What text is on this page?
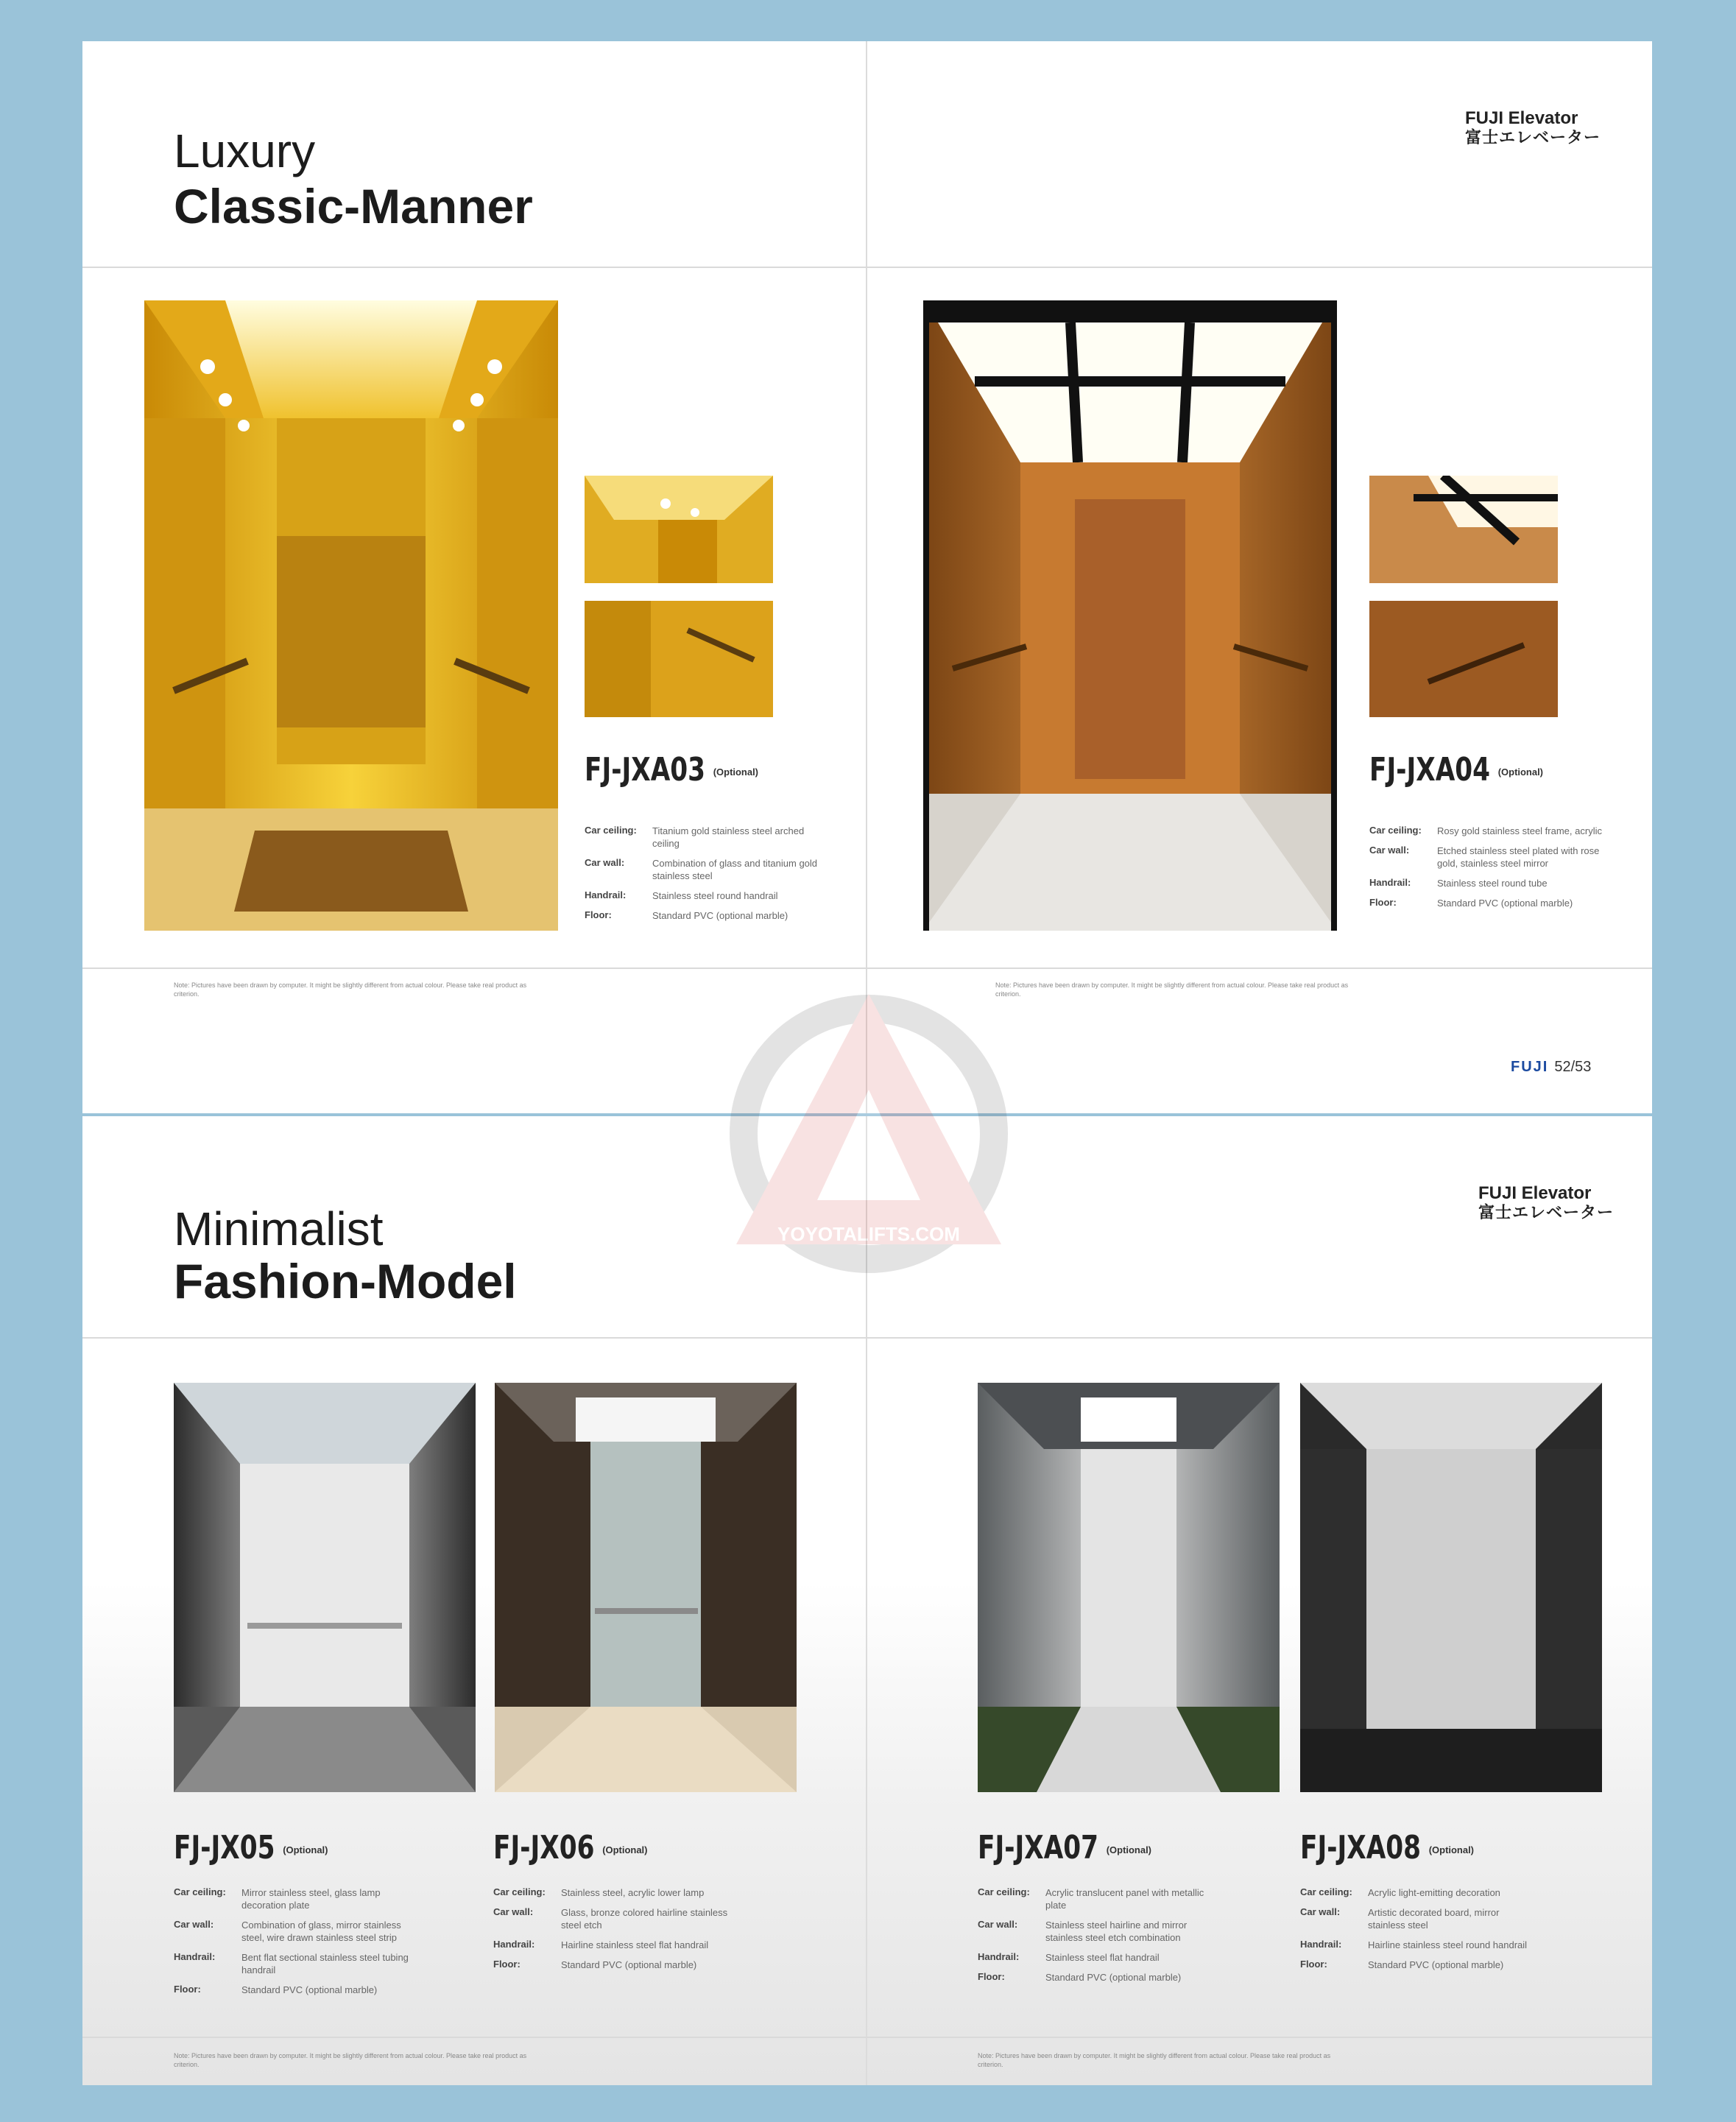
Luxury
Classic-Manner
FUJI Elevator
富士エレベーター
FJ-JXA03 (Optional)
Car ceiling:	Titanium gold stainless steel arched ceiling
Car wall:	Combination of glass and titanium gold stainless steel
Handrail:	Stainless steel round handrail
Floor:	Standard PVC (optional marble)
FJ-JXA04 (Optional)
Car ceiling:	Rosy gold stainless steel frame, acrylic
Car wall:	Etched stainless steel plated with rose gold, stainless steel mirror
Handrail:	Stainless steel round tube
Floor:	Standard PVC (optional marble)
Note: Pictures have been drawn by computer. It might be slightly different from actual colour. Please take real product as criterion.
Note: Pictures have been drawn by computer. It might be slightly different from actual colour. Please take real product as criterion.
FUJI 52/53
Minimalist
Fashion-Model
FUJI Elevator
富士エレベーター
FJ-JX05 (Optional)	FJ-JX06 (Optional)	FJ-JXA07 (Optional)	FJ-JXA08 (Optional)
Car ceiling:	Mirror stainless steel, glass lamp decoration plate
Car wall:	Combination of glass, mirror stainless steel, wire drawn stainless steel strip
Handrail:	Bent flat sectional stainless steel tubing handrail
Floor:	Standard PVC (optional marble)
Car ceiling:	Stainless steel, acrylic lower lamp
Car wall:	Glass, bronze colored hairline stainless steel etch
Handrail:	Hairline stainless steel flat handrail
Floor:	Standard PVC (optional marble)
Car ceiling:	Acrylic translucent panel with metallic plate
Car wall:	Stainless steel hairline and mirror stainless steel etch combination
Handrail:	Stainless steel flat handrail
Floor:	Standard PVC (optional marble)
Car ceiling:	Acrylic light-emitting decoration
Car wall:	Artistic decorated board, mirror stainless steel
Handrail:	Hairline stainless steel round handrail
Floor:	Standard PVC (optional marble)
Note: Pictures have been drawn by computer. It might be slightly different from actual colour. Please take real product as criterion.
Note: Pictures have been drawn by computer. It might be slightly different from actual colour. Please take real product as criterion.
YOYOTALIFTS.COM
